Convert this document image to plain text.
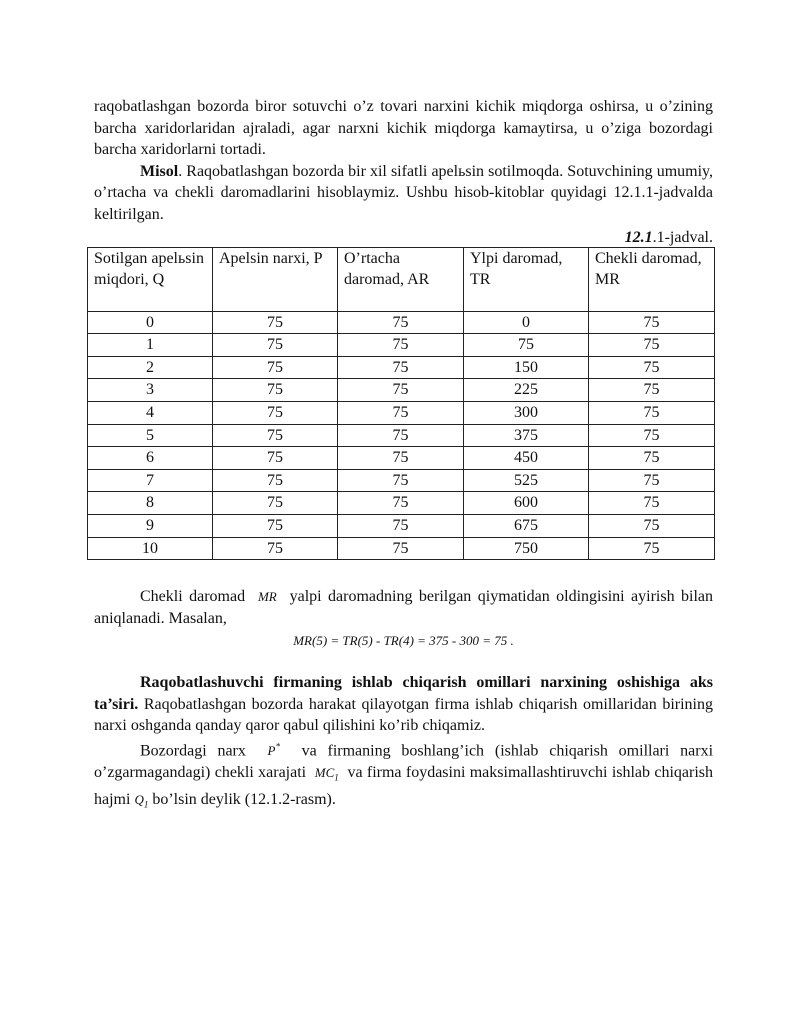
raqobatlashgan bozorda biror sotuvchi o’z tovari narxini kichik miqdorga oshirsa, u o’zining barcha xaridorlaridan ajraladi, agar narxni kichik miqdorga kamaytirsa, u o’ziga bozordagi barcha xaridorlarni tortadi.

Misol. Raqobatlashgan bozorda bir xil sifatli apelьsin sotilmoqda. Sotuvchining umumiy, o’rtacha va chekli daromadlarini hisoblaymiz. Ushbu hisob-kitoblar quyidagi 12.1.1-jadvalda keltirilgan.

12.1.1-jadval.
Sotilgan apelьsin miqdori, Q	Apelsin narxi, P	O’rtacha daromad, AR	Ylpi daromad, TR	Chekli daromad, MR
0	75	75	0	75
1	75	75	75	75
2	75	75	150	75
3	75	75	225	75
4	75	75	300	75
5	75	75	375	75
6	75	75	450	75
7	75	75	525	75
8	75	75	600	75
9	75	75	675	75
10	75	75	750	75

Chekli daromad MR yalpi daromadning berilgan qiymatidan oldingisini ayirish bilan aniqlanadi. Masalan,

MR(5) = TR(5) - TR(4) = 375 - 300 = 75 .

Raqobatlashuvchi firmaning ishlab chiqarish omillari narxining oshishiga aks ta’siri. Raqobatlashgan bozorda harakat qilayotgan firma ishlab chiqarish omillaridan birining narxi oshganda qanday qaror qabul qilishini ko’rib chiqamiz.

Bozordagi narx P* va firmaning boshlang’ich (ishlab chiqarish omillari narxi o’zgarmagandagi) chekli xarajati $MC_1$ va firma foydasini maksimallashtiruvchi ishlab chiqarish hajmi $Q_1$ bo’lsin deylik (12.1.2-rasm).
